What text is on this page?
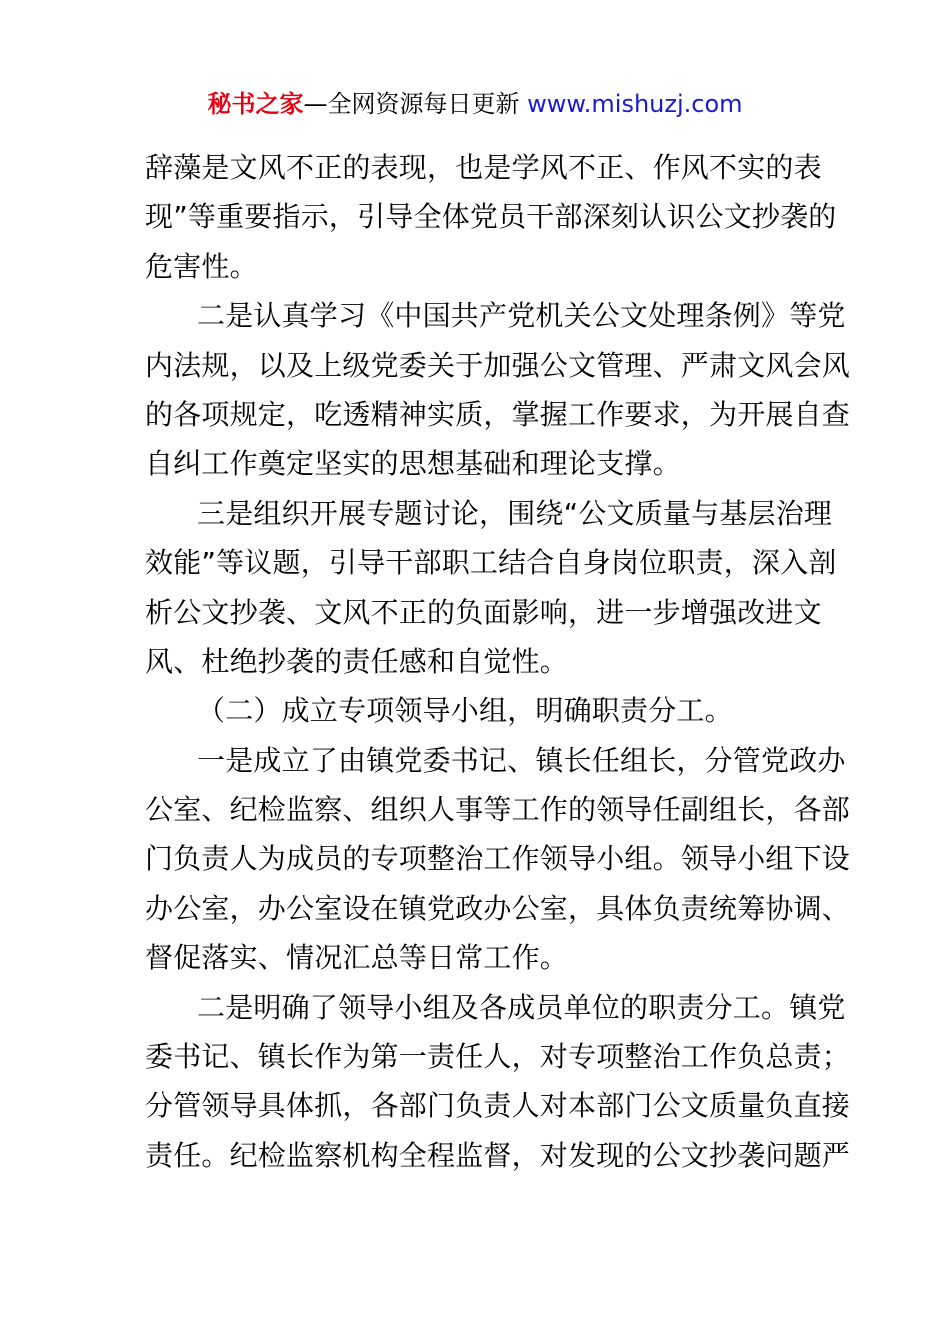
秘书之家—全网资源每日更新 www.mishuzj.com
辞藻是文风不正的表现，也是学风不正、作风不实的表
现”等重要指示，引导全体党员干部深刻认识公文抄袭的
危害性。
二是认真学习《中国共产党机关公文处理条例》等党
内法规，以及上级党委关于加强公文管理、严肃文风会风
的各项规定，吃透精神实质，掌握工作要求，为开展自查
自纠工作奠定坚实的思想基础和理论支撑。
三是组织开展专题讨论，围绕“公文质量与基层治理
效能”等议题，引导干部职工结合自身岗位职责，深入剖
析公文抄袭、文风不正的负面影响，进一步增强改进文
风、杜绝抄袭的责任感和自觉性。
（二）成立专项领导小组，明确职责分工。
一是成立了由镇党委书记、镇长任组长，分管党政办
公室、纪检监察、组织人事等工作的领导任副组长，各部
门负责人为成员的专项整治工作领导小组。领导小组下设
办公室，办公室设在镇党政办公室，具体负责统筹协调、
督促落实、情况汇总等日常工作。
二是明确了领导小组及各成员单位的职责分工。镇党
委书记、镇长作为第一责任人，对专项整治工作负总责；
分管领导具体抓，各部门负责人对本部门公文质量负直接
责任。纪检监察机构全程监督，对发现的公文抄袭问题严
